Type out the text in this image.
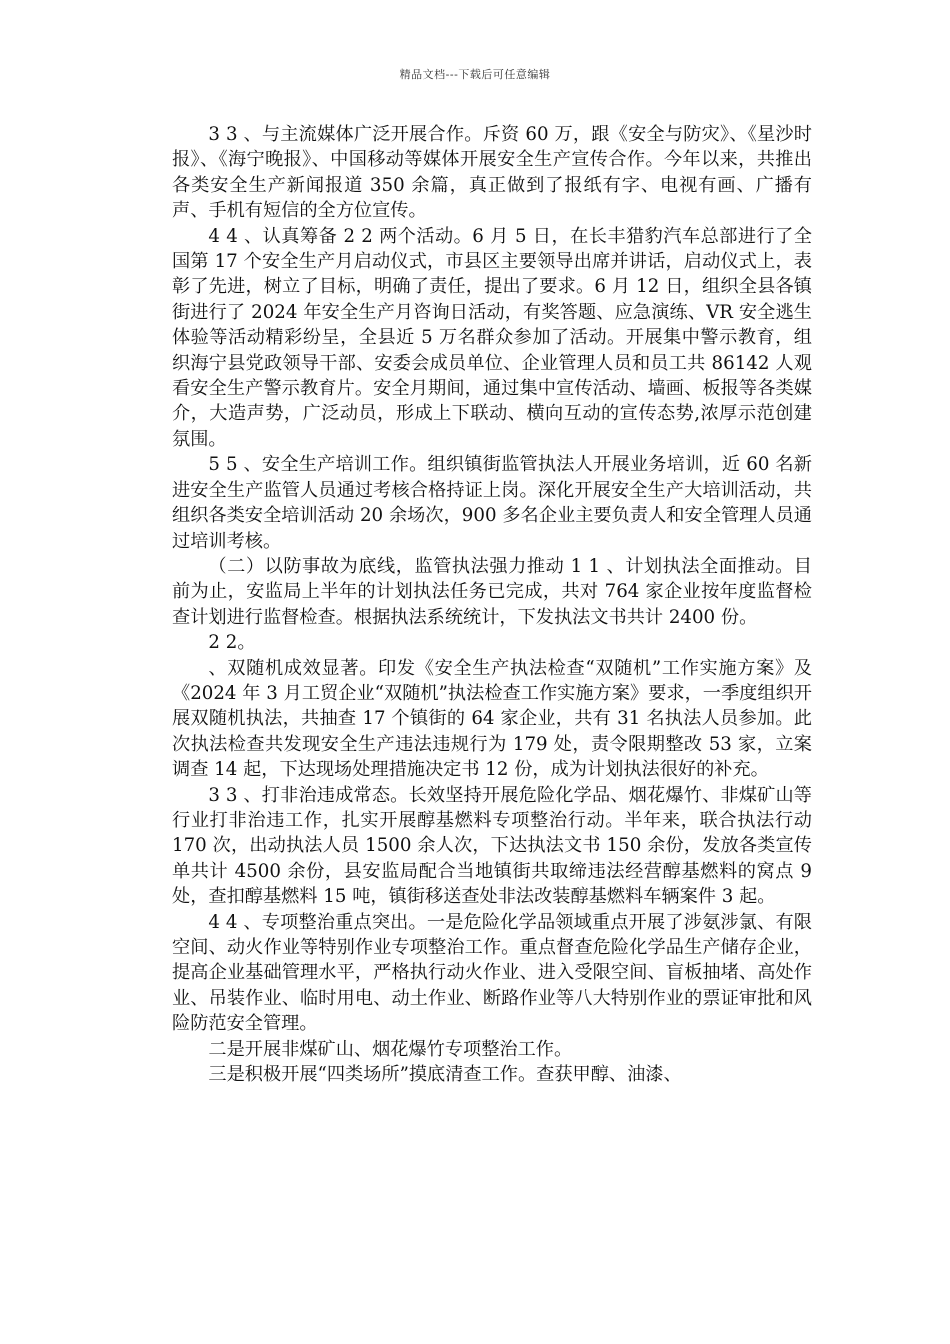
精品文档---下载后可任意编辑

3 3 、与主流媒体广泛开展合作。斥资 60 万，跟《安全与防灾》、《星沙时报》、《海宁晚报》、中国移动等媒体开展安全生产宣传合作。今年以来，共推出各类安全生产新闻报道 350 余篇，真正做到了报纸有字、电视有画、广播有声、手机有短信的全方位宣传。

4 4 、认真筹备 2 2 两个活动。6 月 5 日，在长丰猎豹汽车总部进行了全国第 17 个安全生产月启动仪式，市县区主要领导出席并讲话，启动仪式上，表彰了先进，树立了目标，明确了责任，提出了要求。6 月 12 日，组织全县各镇街进行了 2024 年安全生产月咨询日活动，有奖答题、应急演练、VR 安全逃生体验等活动精彩纷呈，全县近 5 万名群众参加了活动。开展集中警示教育，组织海宁县党政领导干部、安委会成员单位、企业管理人员和员工共 86142 人观看安全生产警示教育片。安全月期间，通过集中宣传活动、墙画、板报等各类媒介，大造声势，广泛动员，形成上下联动、横向互动的宣传态势,浓厚示范创建氛围。

5 5 、安全生产培训工作。组织镇街监管执法人开展业务培训，近 60 名新进安全生产监管人员通过考核合格持证上岗。深化开展安全生产大培训活动，共组织各类安全培训活动 20 余场次，900 多名企业主要负责人和安全管理人员通过培训考核。

（二）以防事故为底线，监管执法强力推动 1 1 、计划执法全面推动。目前为止，安监局上半年的计划执法任务已完成，共对 764 家企业按年度监督检查计划进行监督检查。根据执法系统统计，下发执法文书共计 2400 份。

2 2。

、双随机成效显著。印发《安全生产执法检查“双随机”工作实施方案》及《2024 年 3 月工贸企业“双随机”执法检查工作实施方案》要求，一季度组织开展双随机执法，共抽查 17 个镇街的 64 家企业，共有 31 名执法人员参加。此次执法检查共发现安全生产违法违规行为 179 处，责令限期整改 53 家，立案调查 14 起，下达现场处理措施决定书 12 份，成为计划执法很好的补充。

3 3 、打非治违成常态。长效坚持开展危险化学品、烟花爆竹、非煤矿山等行业打非治违工作，扎实开展醇基燃料专项整治行动。半年来，联合执法行动 170 次，出动执法人员 1500 余人次，下达执法文书 150 余份，发放各类宣传单共计 4500 余份，县安监局配合当地镇街共取缔违法经营醇基燃料的窝点 9 处，查扣醇基燃料 15 吨，镇街移送查处非法改装醇基燃料车辆案件 3 起。

4 4 、专项整治重点突出。一是危险化学品领域重点开展了涉氨涉氯、有限空间、动火作业等特别作业专项整治工作。重点督查危险化学品生产储存企业，提高企业基础管理水平，严格执行动火作业、进入受限空间、盲板抽堵、高处作业、吊装作业、临时用电、动土作业、断路作业等八大特别作业的票证审批和风险防范安全管理。

二是开展非煤矿山、烟花爆竹专项整治工作。

三是积极开展“四类场所”摸底清查工作。查获甲醇、油漆、
